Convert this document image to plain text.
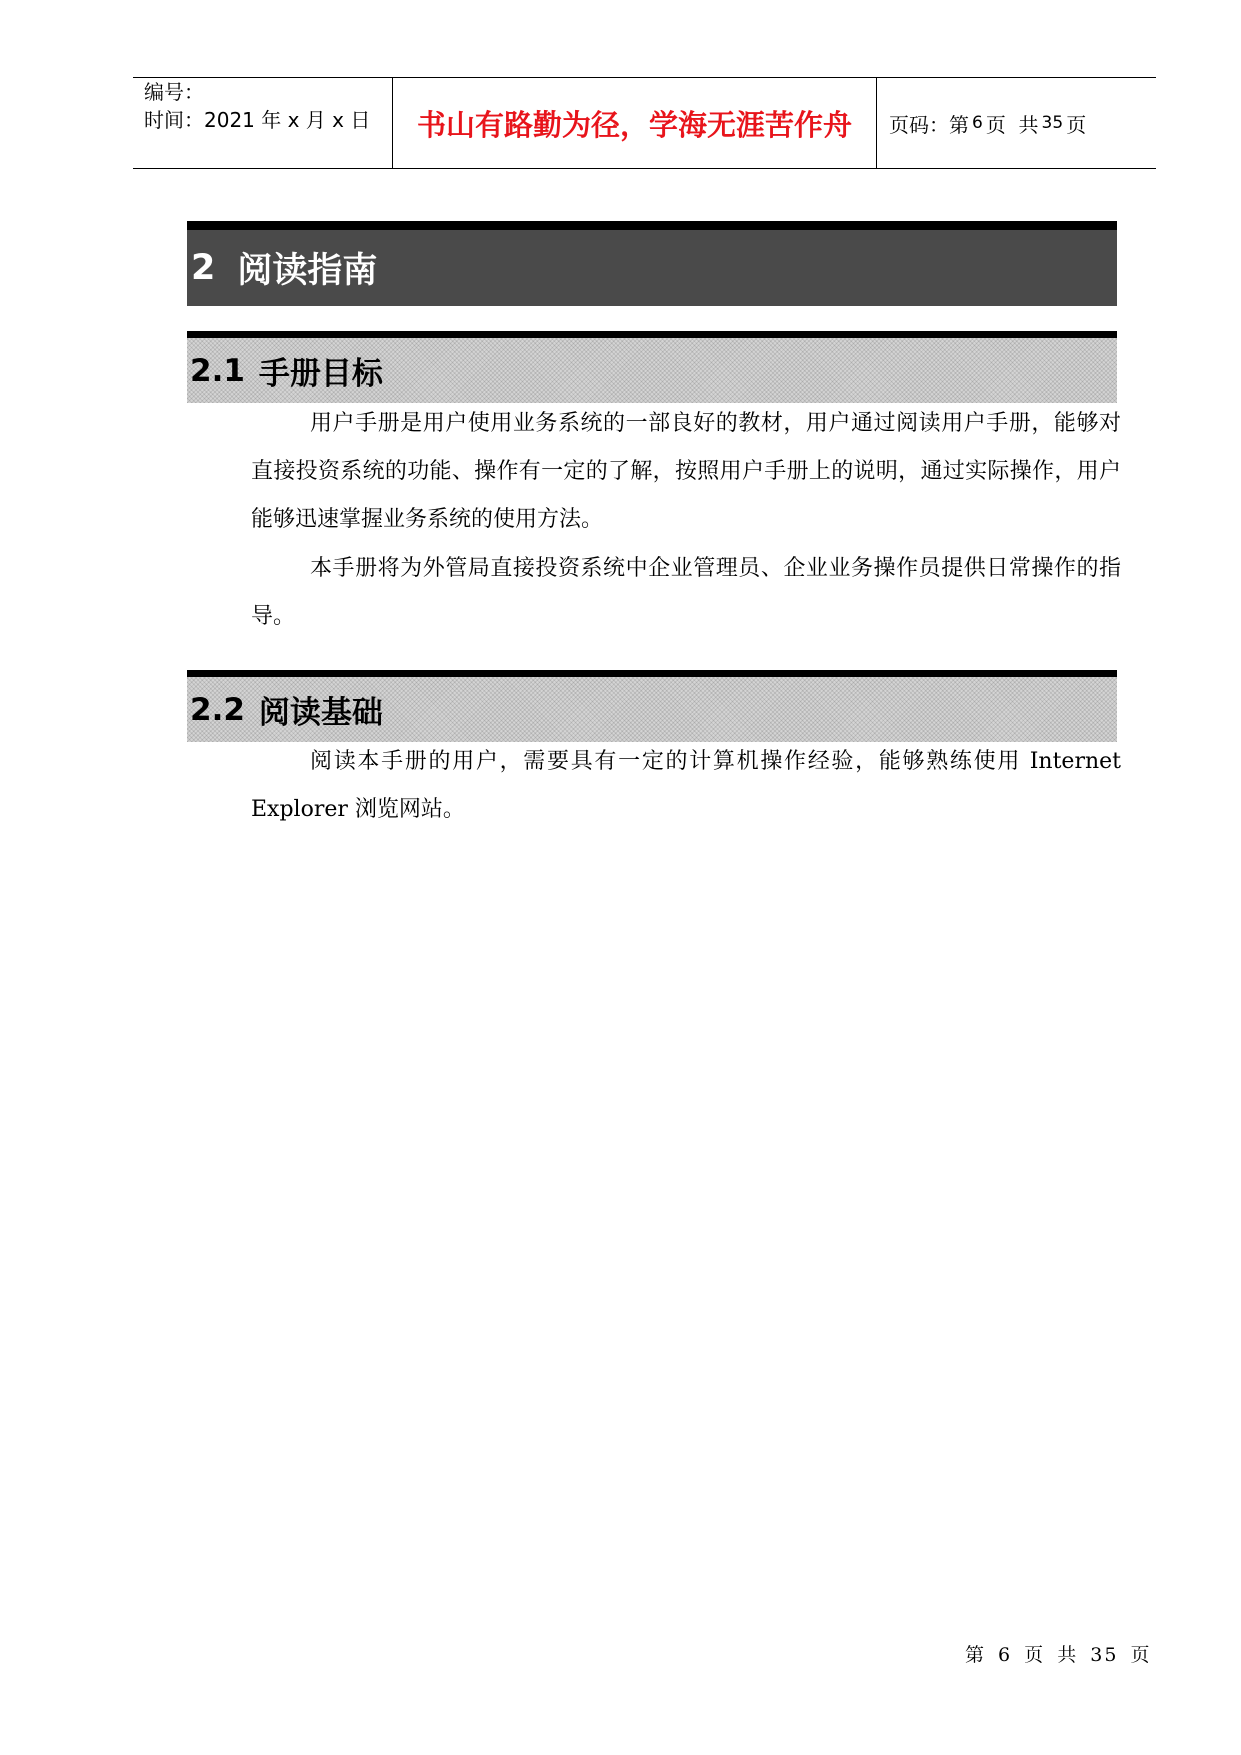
编号：
时间：2021 年 x 月 x 日	书山有路勤为径，学海无涯苦作舟	页码：第 6 页  共 35 页
2 阅读指南
2.1 手册目标

用户手册是用户使用业务系统的一部良好的教材，用户通过阅读用户手册，能够对直接投资系统的功能、操作有一定的了解，按照用户手册上的说明，通过实际操作，用户能够迅速掌握业务系统的使用方法。

本手册将为外管局直接投资系统中企业管理员、企业业务操作员提供日常操作的指导。

2.2 阅读基础

阅读本手册的用户，需要具有一定的计算机操作经验，能够熟练使用 Internet Explorer 浏览网站。

第 6 页 共 35 页
